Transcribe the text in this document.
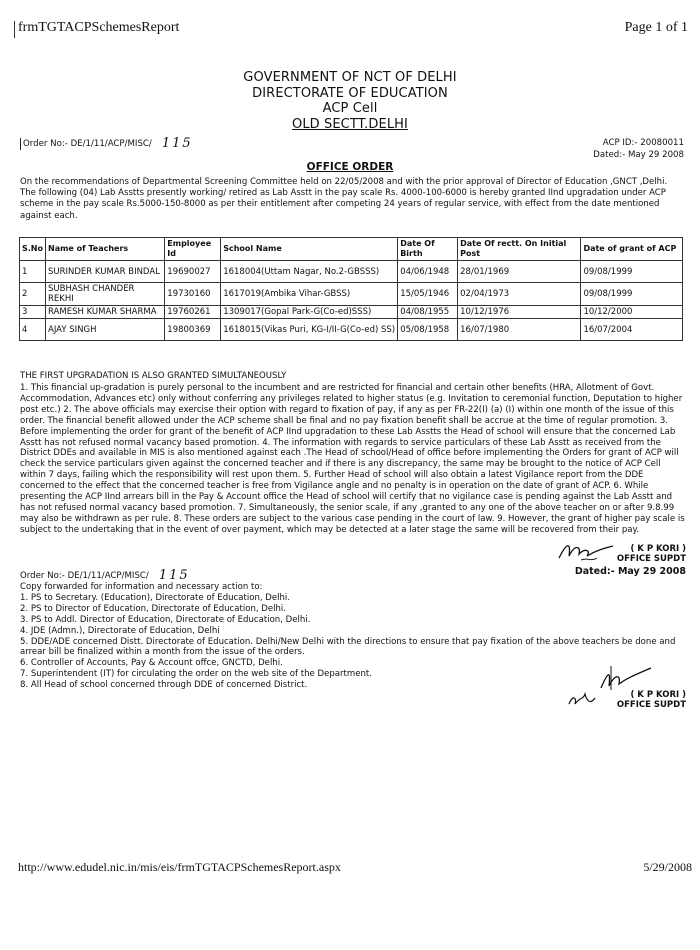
frmTGTACPSchemesReport	Page 1 of 1
GOVERNMENT OF NCT OF DELHI
DIRECTORATE OF EDUCATION
ACP Cell
OLD SECTT.DELHI
Order No:- DE/1/11/ACP/MISC/ 115	ACP ID:- 20080011
Dated:- May 29 2008
OFFICE ORDER
On the recommendations of Departmental Screening Committee held on 22/05/2008 and with the prior approval of Director of Education ,GNCT ,Delhi. The following (04) Lab Asstts presently working/ retired as Lab Asstt in the pay scale Rs. 4000-100-6000 is hereby granted IInd upgradation under ACP scheme in the pay scale Rs.5000-150-8000 as per their entitlement after competing 24 years of regular service, with effect from the date mentioned against each.
S.No	Name of Teachers	Employee Id	School Name	Date Of Birth	Date Of rectt. On Initial Post	Date of grant of ACP
1	SURINDER KUMAR BINDAL	19690027	1618004(Uttam Nagar, No.2-GBSSS)	04/06/1948	28/01/1969	09/08/1999
2	SUBHASH CHANDER REKHI	19730160	1617019(Ambika Vihar-GBSS)	15/05/1946	02/04/1973	09/08/1999
3	RAMESH KUMAR SHARMA	19760261	1309017(Gopal Park-G(Co-ed)SSS)	04/08/1955	10/12/1976	10/12/2000
4	AJAY SINGH	19800369	1618015(Vikas Puri, KG-I/II-G(Co-ed) SS)	05/08/1958	16/07/1980	16/07/2004
THE FIRST UPGRADATION IS ALSO GRANTED SIMULTANEOUSLY
1. This financial up-gradation is purely personal to the incumbent and are restricted for financial and certain other benefits (HRA, Allotment of Govt. Accommodation, Advances etc) only without conferring any privileges related to higher status (e.g. Invitation to ceremonial function, Deputation to higher post etc.) 2. The above officials may exercise their option with regard to fixation of pay, if any as per FR-22(I) (a) (I) within one month of the issue of this order. The financial benefit allowed under the ACP scheme shall be final and no pay fixation benefit shall be accrue at the time of regular promotion. 3. Before implementing the order for grant of the benefit of ACP IInd upgradation to these Lab Asstts the Head of school will ensure that the concerned Lab Asstt has not refused normal vacancy based promotion. 4. The information with regards to service particulars of these Lab Asstt as received from the District DDEs and available in MIS is also mentioned against each .The Head of school/Head of office before implementing the Orders for grant of ACP will check the service particulars given against the concerned teacher and if there is any discrepancy, the same may be brought to the notice of ACP Cell within 7 days, failing which the responsibility will rest upon them. 5. Further Head of school will also obtain a latest Vigilance report from the DDE concerned to the effect that the concerned teacher is free from Vigilance angle and no penalty is in operation on the date of grant of ACP. 6. While presenting the ACP IInd arrears bill in the Pay & Account office the Head of school will certify that no vigilance case is pending against the Lab Asstt and has not refused normal vacancy based promotion. 7. Simultaneously, the senior scale, if any ,granted to any one of the above teacher on or after 9.8.99 may also be withdrawn as per rule. 8. These orders are subject to the various case pending in the court of law. 9. However, the grant of higher pay scale is subject to the undertaking that in the event of over payment, which may be detected at a later stage the same will be recovered from their pay.
( K P KORI )
OFFICE SUPDT
Dated:- May 29 2008
Order No:- DE/1/11/ACP/MISC/ 115
Copy forwarded for information and necessary action to:
1. PS to Secretary. (Education), Directorate of Education, Delhi.
2. PS to Director of Education, Directorate of Education, Delhi.
3. PS to Addl. Director of Education, Directorate of Education, Delhi.
4. JDE (Admn.), Directorate of Education, Delhi
5. DDE/ADE concerned Distt. Directorate of Education. Delhi/New Delhi with the directions to ensure that pay fixation of the above teachers be done and arrear bill be finalized within a month from the issue of the orders.
6. Controller of Accounts, Pay & Account offce, GNCTD, Delhi.
7. Superintendent (IT) for circulating the order on the web site of the Department.
8. All Head of school concerned through DDE of concerned District.
( K P KORI )
OFFICE SUPDT
http://www.edudel.nic.in/mis/eis/frmTGTACPSchemesReport.aspx	5/29/2008
